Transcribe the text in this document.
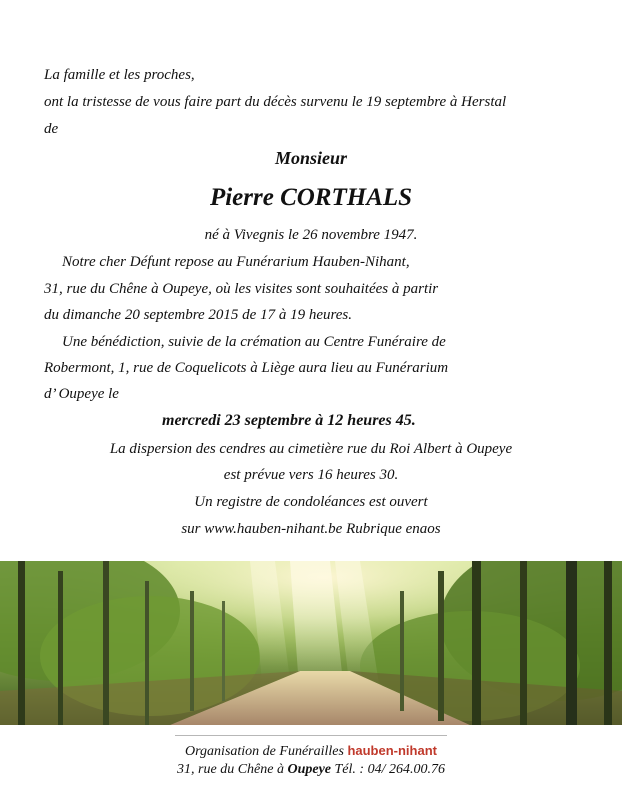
La famille et les proches,
ont la tristesse de vous faire part du décès survenu le 19 septembre à Herstal
de
Monsieur
Pierre CORTHALS
né à Vivegnis le 26 novembre 1947.
Notre cher Défunt repose au Funérarium Hauben-Nihant,
31, rue du Chêne à Oupeye, où les visites sont souhaitées à partir
du dimanche 20 septembre 2015 de 17 à 19 heures.
Une bénédiction, suivie de la crémation au Centre Funéraire de
Robermont, 1, rue de Coquelicots à Liège aura lieu au Funérarium
d’ Oupeye le
mercredi 23 septembre à 12 heures 45.
La dispersion des cendres au cimetière rue du Roi Albert à Oupeye
est prévue vers 16 heures 30.
Un registre de condoléances est ouvert
sur www.hauben-nihant.be Rubrique enaos
Organisation de Funérailles hauben-nihant
31, rue du Chêne à Oupeye Tél. : 04/ 264.00.76
